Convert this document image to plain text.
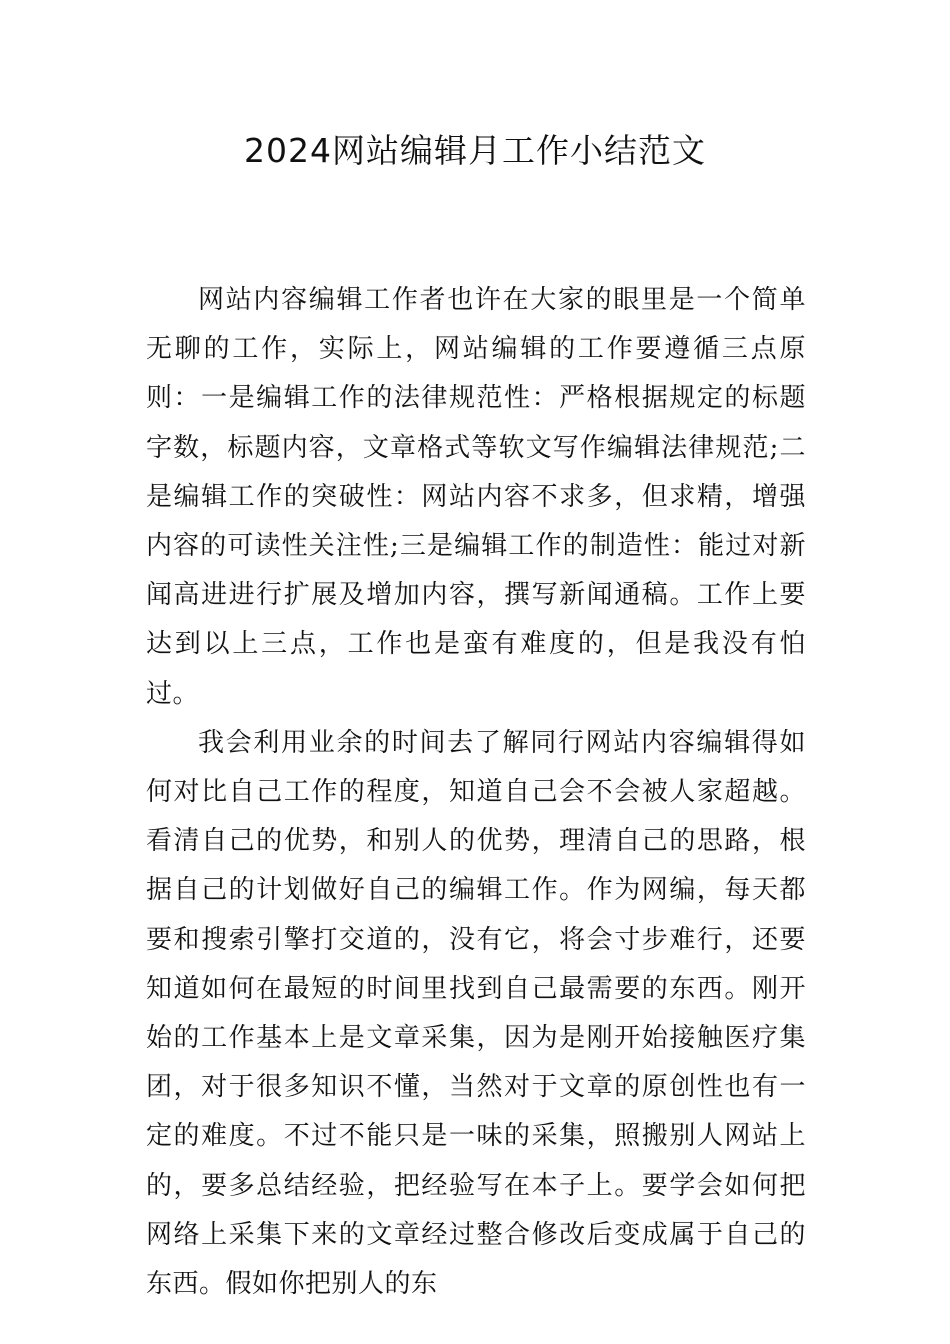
2024网站编辑月工作小结范文

网站内容编辑工作者也许在大家的眼里是一个简单无聊的工作，实际上，网站编辑的工作要遵循三点原则：一是编辑工作的法律规范性：严格根据规定的标题字数，标题内容，文章格式等软文写作编辑法律规范;二是编辑工作的突破性：网站内容不求多，但求精，增强内容的可读性关注性;三是编辑工作的制造性：能过对新闻高进进行扩展及增加内容，撰写新闻通稿。工作上要达到以上三点，工作也是蛮有难度的，但是我没有怕过。

我会利用业余的时间去了解同行网站内容编辑得如何对比自己工作的程度，知道自己会不会被人家超越。看清自己的优势，和别人的优势，理清自己的思路，根据自己的计划做好自己的编辑工作。作为网编，每天都要和搜索引擎打交道的，没有它，将会寸步难行，还要知道如何在最短的时间里找到自己最需要的东西。刚开始的工作基本上是文章采集，因为是刚开始接触医疗集团，对于很多知识不懂，当然对于文章的原创性也有一定的难度。不过不能只是一味的采集，照搬别人网站上的，要多总结经验，把经验写在本子上。要学会如何把网络上采集下来的文章经过整合修改后变成属于自己的东西。假如你把别人的东
